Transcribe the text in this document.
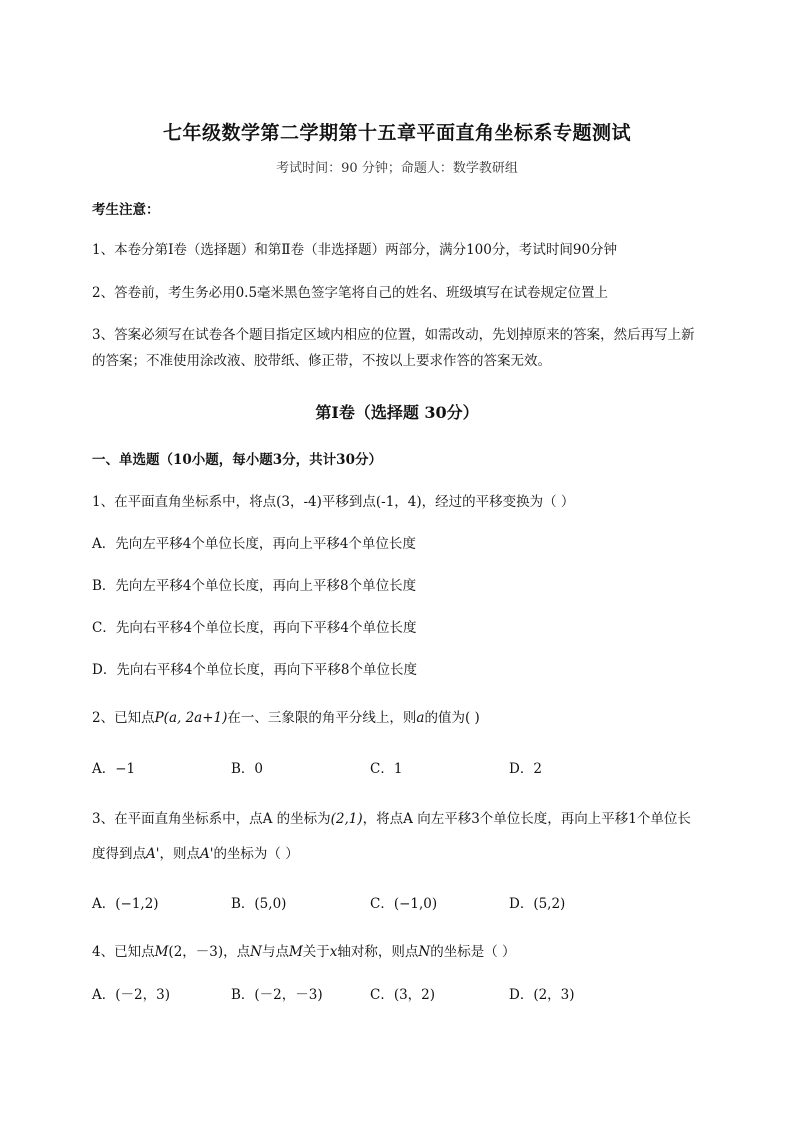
七年级数学第二学期第十五章平面直角坐标系专题测试
考试时间：90 分钟；命题人：数学教研组
考生注意：
1、本卷分第Ⅰ卷（选择题）和第Ⅱ卷（非选择题）两部分，满分100分，考试时间90分钟
2、答卷前，考生务必用0.5毫米黑色签字笔将自己的姓名、班级填写在试卷规定位置上
3、答案必须写在试卷各个题目指定区域内相应的位置，如需改动，先划掉原来的答案，然后再写上新
的答案；不准使用涂改液、胶带纸、修正带，不按以上要求作答的答案无效。
第Ⅰ卷（选择题 30分）
一、单选题（10小题，每小题3分，共计30分）
1、在平面直角坐标系中，将点(3，-4)平移到点(-1，4)，经过的平移变换为（ ）
A．先向左平移4个单位长度，再向上平移4个单位长度
B．先向左平移4个单位长度，再向上平移8个单位长度
C．先向右平移4个单位长度，再向下平移4个单位长度
D．先向右平移4个单位长度，再向下平移8个单位长度
2、已知点P(a, 2a+1)在一、三象限的角平分线上，则a的值为( )
A．−1	B．0	C．1	D．2
3、在平面直角坐标系中，点A 的坐标为(2,1)，将点A 向左平移3个单位长度，再向上平移1个单位长
度得到点A'，则点A'的坐标为（ ）
A．(−1,2)	B．(5,0)	C．(−1,0)	D．(5,2)
4、已知点M(2，－3)，点N与点M关于x轴对称，则点N的坐标是（ ）
A．(－2，3)	B．(－2，－3)	C．(3，2)	D．(2，3)
